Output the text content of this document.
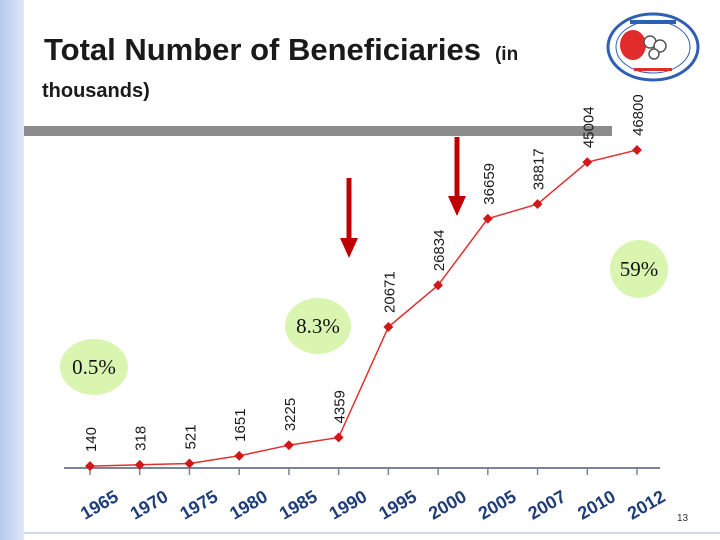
Total Number of Beneficiaries (in
thousands)
140 318 521 1651 3225 4359
20671
26834
36659 38817
45004 46800
1965 1970 1975 1980 1985 1990 1995 2000 2005 2007 2010 2012
0.5%
8.3%
59%
13
